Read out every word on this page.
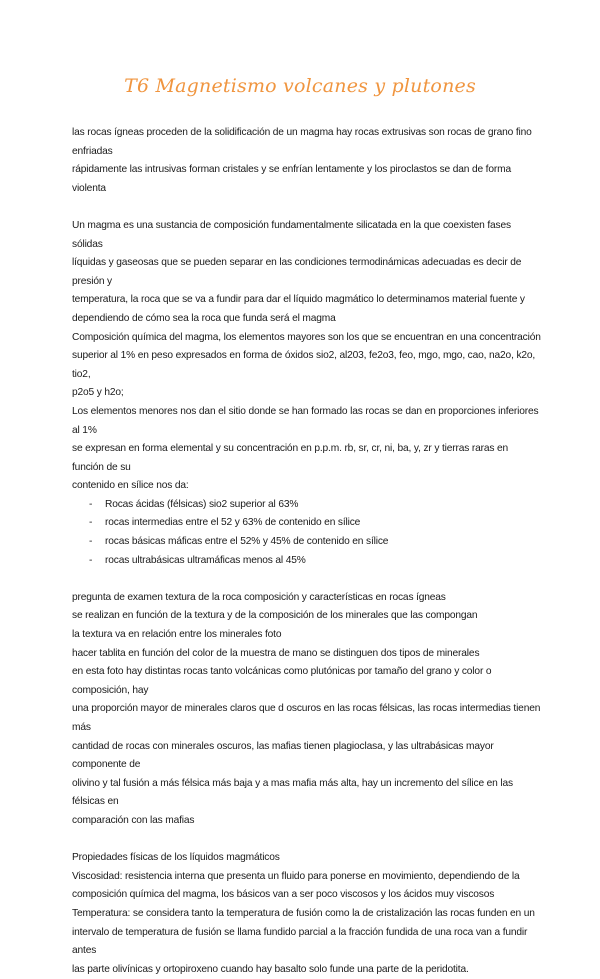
T6 Magnetismo volcanes y plutones

las rocas ígneas proceden de la solidificación de un magma hay rocas extrusivas son rocas de grano fino enfriadas

rápidamente las intrusivas forman cristales y se enfrían lentamente y los piroclastos se dan de forma violenta

Un magma es una sustancia de composición fundamentalmente silicatada en la que coexisten fases sólidas

líquidas y gaseosas que se pueden separar en las condiciones termodinámicas adecuadas es decir de presión y

temperatura, la roca que se va a fundir para dar el líquido magmático lo determinamos material fuente y

dependiendo de cómo sea la roca que funda será el magma

Composición química del magma, los elementos mayores son los que se encuentran en una concentración

superior al 1% en peso expresados en forma de óxidos sio2, al203, fe2o3, feo, mgo, mgo, cao, na2o, k2o, tio2,

p2o5 y h2o;

Los elementos menores nos dan el sitio donde se han formado las rocas se dan en proporciones inferiores al 1%

se expresan en forma elemental y su concentración en p.p.m. rb, sr, cr, ni, ba, y, zr y tierras raras en función de su

contenido en sílice nos da:

- Rocas ácidas (félsicas) sio2 superior al 63%
- rocas intermedias entre el 52 y 63% de contenido en sílice
- rocas básicas máficas entre el 52% y 45% de contenido en sílice
- rocas ultrabásicas ultramáficas menos al 45%

pregunta de examen textura de la roca composición y características en rocas ígneas

se realizan en función de la textura y de la composición de los minerales que las compongan

la textura va en relación entre los minerales foto

hacer tablita en función del color de la muestra de mano se distinguen dos tipos de minerales

en esta foto hay distintas rocas tanto volcánicas como plutónicas por tamaño del grano y color o composición, hay

una proporción mayor de minerales claros que d oscuros en las rocas félsicas, las rocas intermedias tienen más

cantidad de rocas con minerales oscuros, las mafias tienen plagioclasa, y las ultrabásicas mayor componente de

olivino y tal fusión a más félsica más baja y a mas mafia más alta, hay un incremento del sílice en las félsicas en

comparación con las mafias

Propiedades físicas de los líquidos magmáticos

Viscosidad: resistencia interna que presenta un fluido para ponerse en movimiento, dependiendo de la

composición química del magma, los básicos van a ser poco viscosos y los ácidos muy viscosos

Temperatura: se considera tanto la temperatura de fusión como la de cristalización las rocas funden en un

intervalo de temperatura de fusión se llama fundido parcial a la fracción fundida de una roca van a fundir antes

las parte olivínicas y ortopiroxeno cuando hay basalto solo funde una parte de la peridotita.
